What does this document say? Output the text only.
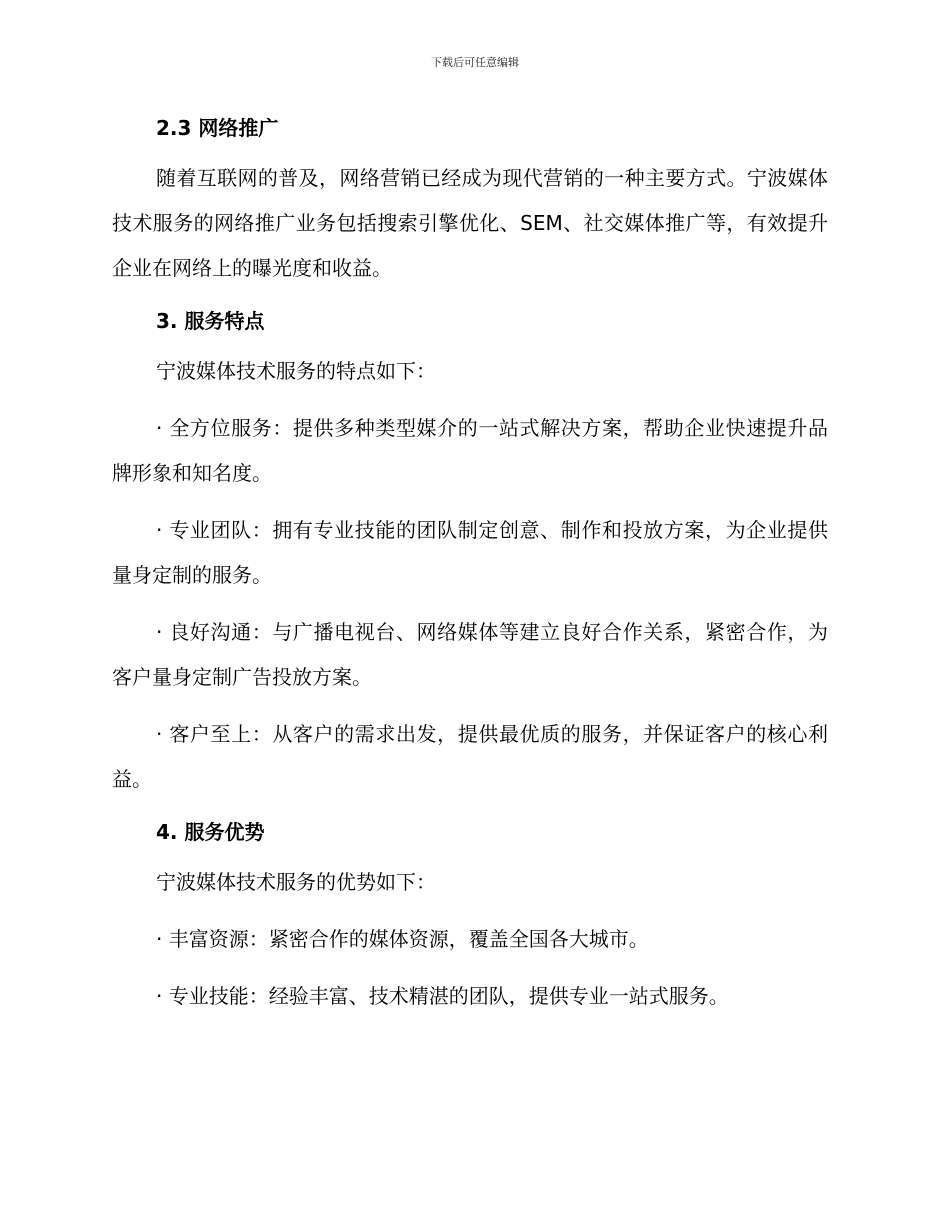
下载后可任意编辑
2.3 网络推广

随着互联网的普及，网络营销已经成为现代营销的一种主要方式。宁波媒体技术服务的网络推广业务包括搜索引擎优化、SEM、社交媒体推广等，有效提升企业在网络上的曝光度和收益。

3. 服务特点

宁波媒体技术服务的特点如下：

· 全方位服务：提供多种类型媒介的一站式解决方案，帮助企业快速提升品牌形象和知名度。

· 专业团队：拥有专业技能的团队制定创意、制作和投放方案，为企业提供量身定制的服务。

· 良好沟通：与广播电视台、网络媒体等建立良好合作关系，紧密合作，为客户量身定制广告投放方案。

· 客户至上：从客户的需求出发，提供最优质的服务，并保证客户的核心利益。

4. 服务优势

宁波媒体技术服务的优势如下：

· 丰富资源：紧密合作的媒体资源，覆盖全国各大城市。

· 专业技能：经验丰富、技术精湛的团队，提供专业一站式服务。
